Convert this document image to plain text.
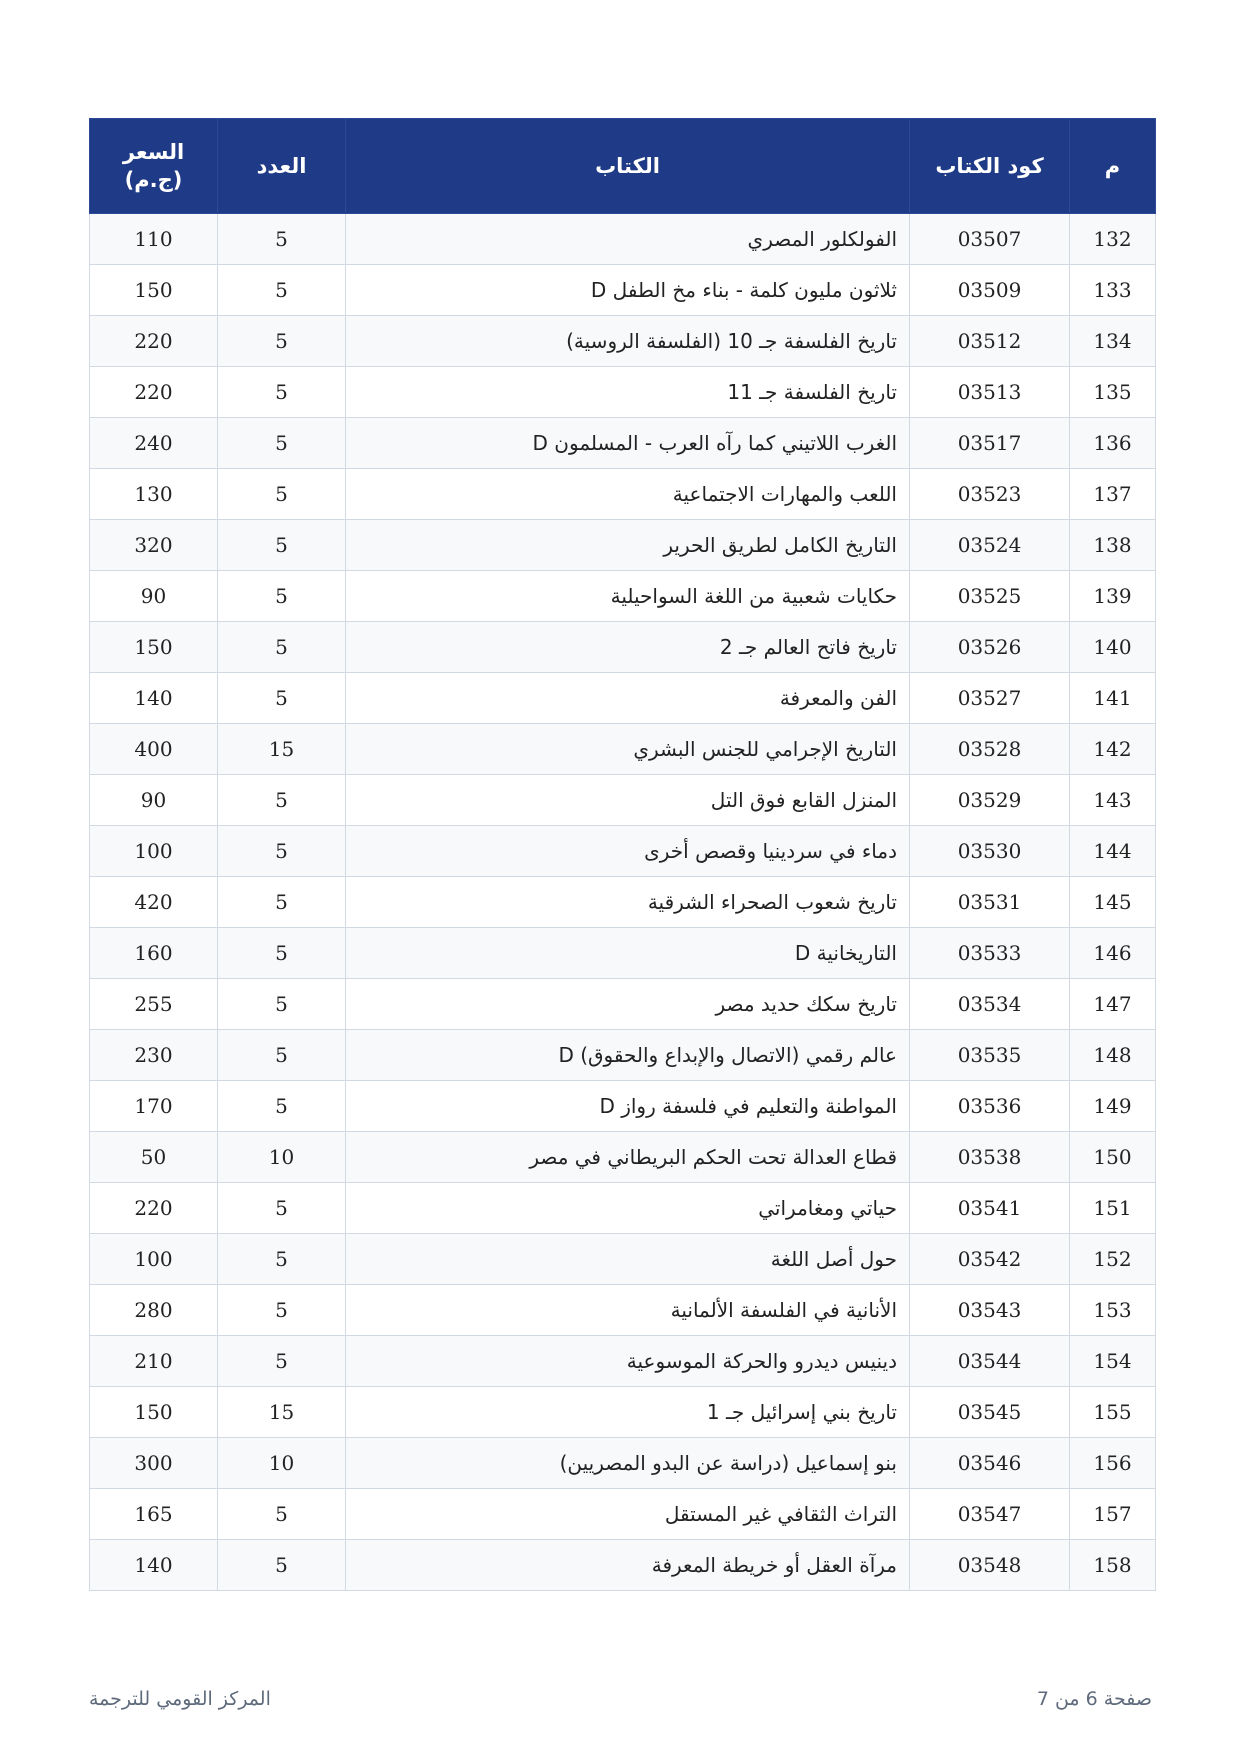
م	كود الكتاب	الكتاب	العدد	السعر
(ج.م)

132	03507	الفولكلور المصري	5	110
133	03509	ثلاثون مليون كلمة - بناء مخ الطفل D	5	150
134	03512	تاريخ الفلسفة جـ 10 (الفلسفة الروسية)	5	220
135	03513	تاريخ الفلسفة جـ 11	5	220
136	03517	الغرب اللاتيني كما رآه العرب - المسلمون D	5	240
137	03523	اللعب والمهارات الاجتماعية	5	130
138	03524	التاريخ الكامل لطريق الحرير	5	320
139	03525	حكايات شعبية من اللغة السواحيلية	5	90
140	03526	تاريخ فاتح العالم جـ 2	5	150
141	03527	الفن والمعرفة	5	140
142	03528	التاريخ الإجرامي للجنس البشري	15	400
143	03529	المنزل القابع فوق التل	5	90
144	03530	دماء في سردينيا وقصص أخرى	5	100
145	03531	تاريخ شعوب الصحراء الشرقية	5	420
146	03533	التاريخانية D	5	160
147	03534	تاريخ سكك حديد مصر	5	255
148	03535	عالم رقمي (الاتصال والإبداع والحقوق) D	5	230
149	03536	المواطنة والتعليم في فلسفة رواز D	5	170
150	03538	قطاع العدالة تحت الحكم البريطاني في مصر	10	50
151	03541	حياتي ومغامراتي	5	220
152	03542	حول أصل اللغة	5	100
153	03543	الأنانية في الفلسفة الألمانية	5	280
154	03544	دينيس ديدرو والحركة الموسوعية	5	210
155	03545	تاريخ بني إسرائيل جـ 1	15	150
156	03546	بنو إسماعيل (دراسة عن البدو المصريين)	10	300
157	03547	التراث الثقافي غير المستقل	5	165
158	03548	مرآة العقل أو خريطة المعرفة	5	140
المركز القومي للترجمة	صفحة 6 من 7
